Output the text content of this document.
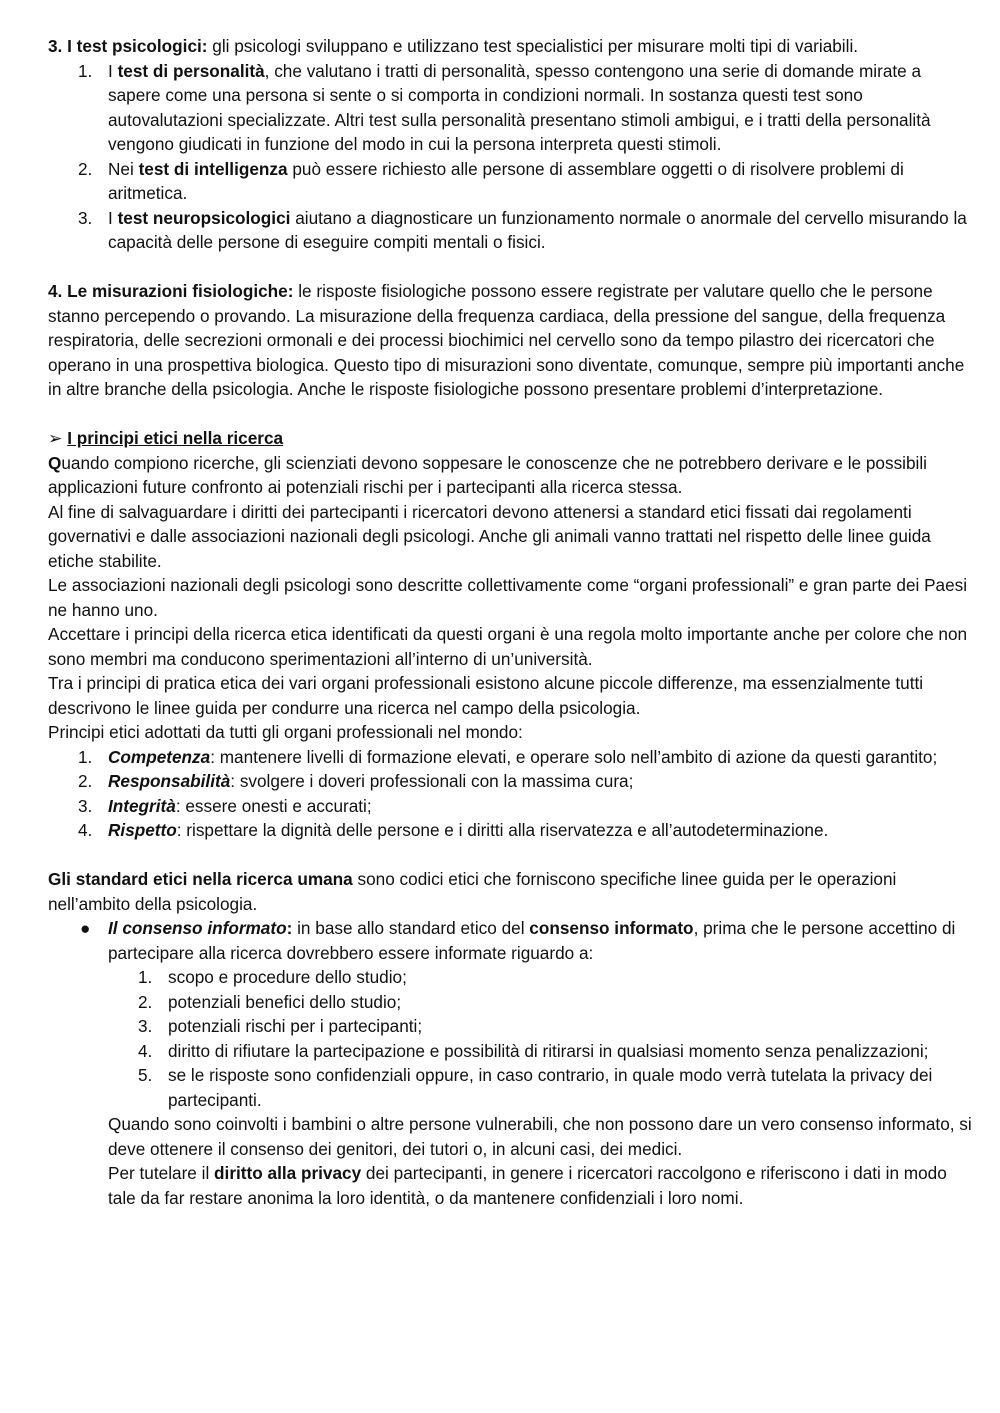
3. I test psicologici: gli psicologi sviluppano e utilizzano test specialistici per misurare molti tipi di variabili.

1. I test di personalità, che valutano i tratti di personalità, spesso contengono una serie di domande mirate a sapere come una persona si sente o si comporta in condizioni normali. In sostanza questi test sono autovalutazioni specializzate. Altri test sulla personalità presentano stimoli ambigui, e i tratti della personalità vengono giudicati in funzione del modo in cui la persona interpreta questi stimoli.
2. Nei test di intelligenza può essere richiesto alle persone di assemblare oggetti o di risolvere problemi di aritmetica.
3. I test neuropsicologici aiutano a diagnosticare un funzionamento normale o anormale del cervello misurando la capacità delle persone di eseguire compiti mentali o fisici.

4. Le misurazioni fisiologiche: le risposte fisiologiche possono essere registrate per valutare quello che le persone stanno percependo o provando. La misurazione della frequenza cardiaca, della pressione del sangue, della frequenza respiratoria, delle secrezioni ormonali e dei processi biochimici nel cervello sono da tempo pilastro dei ricercatori che operano in una prospettiva biologica. Questo tipo di misurazioni sono diventate, comunque, sempre più importanti anche in altre branche della psicologia. Anche le risposte fisiologiche possono presentare problemi d’interpretazione.

➢ I principi etici nella ricerca

Quando compiono ricerche, gli scienziati devono soppesare le conoscenze che ne potrebbero derivare e le possibili applicazioni future confronto ai potenziali rischi per i partecipanti alla ricerca stessa.

Al fine di salvaguardare i diritti dei partecipanti i ricercatori devono attenersi a standard etici fissati dai regolamenti governativi e dalle associazioni nazionali degli psicologi. Anche gli animali vanno trattati nel rispetto delle linee guida etiche stabilite.

Le associazioni nazionali degli psicologi sono descritte collettivamente come “organi professionali” e gran parte dei Paesi ne hanno uno.

Accettare i principi della ricerca etica identificati da questi organi è una regola molto importante anche per colore che non sono membri ma conducono sperimentazioni all’interno di un’università.

Tra i principi di pratica etica dei vari organi professionali esistono alcune piccole differenze, ma essenzialmente tutti descrivono le linee guida per condurre una ricerca nel campo della psicologia.

Principi etici adottati da tutti gli organi professionali nel mondo:

1. Competenza: mantenere livelli di formazione elevati, e operare solo nell’ambito di azione da questi garantito;
2. Responsabilità: svolgere i doveri professionali con la massima cura;
3. Integrità: essere onesti e accurati;
4. Rispetto: rispettare la dignità delle persone e i diritti alla riservatezza e all’autodeterminazione.

Gli standard etici nella ricerca umana sono codici etici che forniscono specifiche linee guida per le operazioni nell’ambito della psicologia.

● Il consenso informato: in base allo standard etico del consenso informato, prima che le persone accettino di partecipare alla ricerca dovrebbero essere informate riguardo a:
1. scopo e procedure dello studio;
2. potenziali benefici dello studio;
3. potenziali rischi per i partecipanti;
4. diritto di rifiutare la partecipazione e possibilità di ritirarsi in qualsiasi momento senza penalizzazioni;
5. se le risposte sono confidenziali oppure, in caso contrario, in quale modo verrà tutelata la privacy dei partecipanti.

Quando sono coinvolti i bambini o altre persone vulnerabili, che non possono dare un vero consenso informato, si deve ottenere il consenso dei genitori, dei tutori o, in alcuni casi, dei medici.

Per tutelare il diritto alla privacy dei partecipanti, in genere i ricercatori raccolgono e riferiscono i dati in modo tale da far restare anonima la loro identità, o da mantenere confidenziali i loro nomi.
